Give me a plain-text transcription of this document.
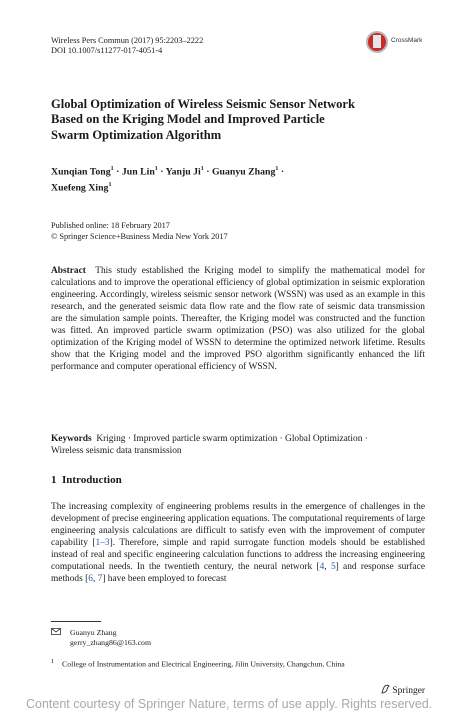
Wireless Pers Commun (2017) 95:2203–2222
DOI 10.1007/s11277-017-4051-4
CrossMark
Global Optimization of Wireless Seismic Sensor Network
Based on the Kriging Model and Improved Particle
Swarm Optimization Algorithm
Xunqian Tong$^1$ · Jun Lin$^1$ · Yanju $Ji^1$ · Guanyu Zhang$^1$ ·
Xuefeng Xing$^1$
Published online: 18 February 2017
© Springer Science+Business Media New York 2017
Abstract This study established the Kriging model to simplify the mathematical model for calculations and to improve the operational efficiency of global optimization in seismic exploration engineering. Accordingly, wireless seismic sensor network (WSSN) was used as an example in this research, and the generated seismic data flow rate and the flow rate of seismic data transmission are the simulation sample points. Thereafter, the Kriging model was constructed and the function was fitted. An improved particle swarm optimization (PSO) was also utilized for the global optimization of the Kriging model of WSSN to determine the optimized network lifetime. Results show that the Kriging model and the improved PSO algorithm significantly enhanced the lift performance and computer operational efficiency of WSSN.
Keywords Kriging · Improved particle swarm optimization · Global Optimization ·
Wireless seismic data transmission
1 Introduction
The increasing complexity of engineering problems results in the emergence of challenges in the development of precise engineering application equations. The computational requirements of large engineering analysis calculations are difficult to satisfy even with the improvement of computer capability [1–3]. Therefore, simple and rapid surrogate function models should be established instead of real and specific engineering calculation functions to address the increasing engineering computational needs. In the twentieth century, the neural network [4, 5] and response surface methods [6, 7] have been employed to forecast
Guanyu Zhang
gerry_zhang86@163.com
$^1$ College of Instrumentation and Electrical Engineering, Jilin University, Changchun, China
Springer
Content courtesy of Springer Nature, terms of use apply. Rights reserved.
